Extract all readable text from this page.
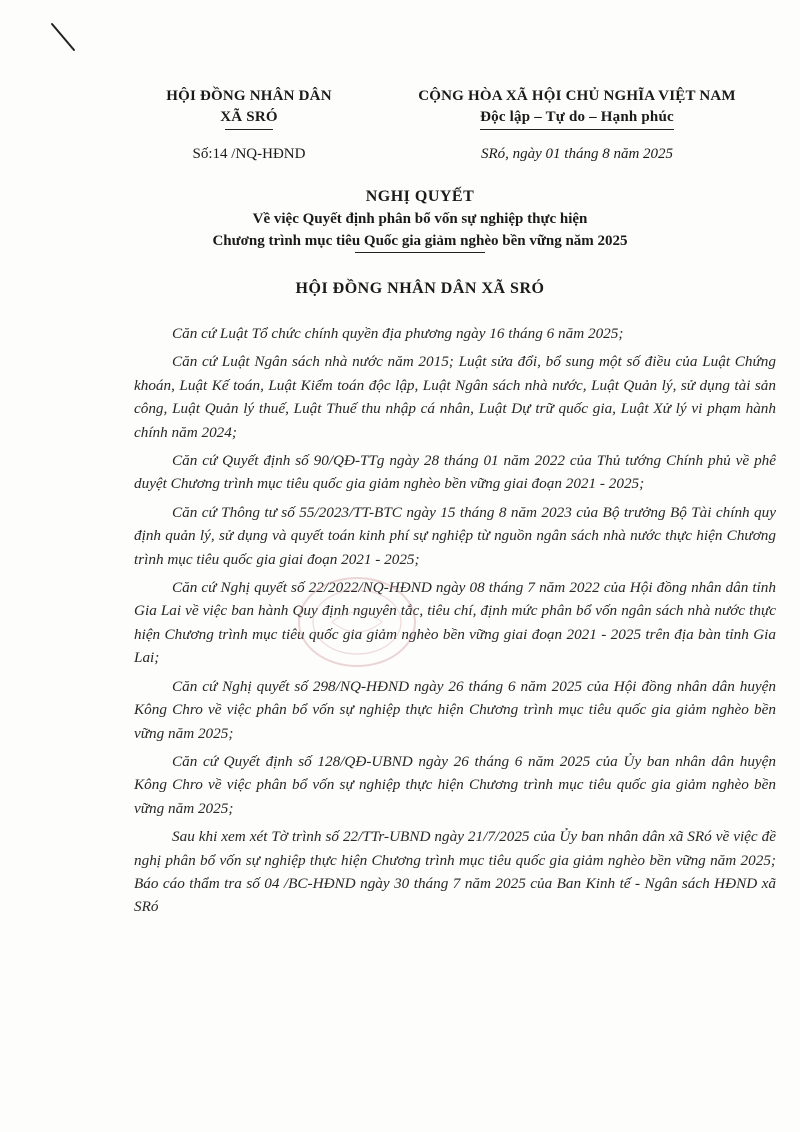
HỘI ĐỒNG NHÂN DÂN
XÃ SRÓ
CỘNG HÒA XÃ HỘI CHỦ NGHĨA VIỆT NAM
Độc lập – Tự do – Hạnh phúc
Số:14 /NQ-HĐND	SRó, ngày 01 tháng 8 năm 2025
NGHỊ QUYẾT
Về việc Quyết định phân bổ vốn sự nghiệp thực hiện
Chương trình mục tiêu Quốc gia giảm nghèo bền vững năm 2025
HỘI ĐỒNG NHÂN DÂN XÃ SRÓ

Căn cứ Luật Tổ chức chính quyền địa phương ngày 16 tháng 6 năm 2025;

Căn cứ Luật Ngân sách nhà nước năm 2015; Luật sửa đổi, bổ sung một số điều của Luật Chứng khoán, Luật Kế toán, Luật Kiểm toán độc lập, Luật Ngân sách nhà nước, Luật Quản lý, sử dụng tài sản công, Luật Quản lý thuế, Luật Thuế thu nhập cá nhân, Luật Dự trữ quốc gia, Luật Xử lý vi phạm hành chính năm 2024;

Căn cứ Quyết định số 90/QĐ-TTg ngày 28 tháng 01 năm 2022 của Thủ tướng Chính phủ về phê duyệt Chương trình mục tiêu quốc gia giảm nghèo bền vững giai đoạn 2021 - 2025;

Căn cứ Thông tư số 55/2023/TT-BTC ngày 15 tháng 8 năm 2023 của Bộ trưởng Bộ Tài chính quy định quản lý, sử dụng và quyết toán kinh phí sự nghiệp từ nguồn ngân sách nhà nước thực hiện Chương trình mục tiêu quốc gia giai đoạn 2021 - 2025;

Căn cứ Nghị quyết số 22/2022/NQ-HĐND ngày 08 tháng 7 năm 2022 của Hội đồng nhân dân tỉnh Gia Lai về việc ban hành Quy định nguyên tắc, tiêu chí, định mức phân bổ vốn ngân sách nhà nước thực hiện Chương trình mục tiêu quốc gia giảm nghèo bền vững giai đoạn 2021 - 2025 trên địa bàn tỉnh Gia Lai;

Căn cứ Nghị quyết số 298/NQ-HĐND ngày 26 tháng 6 năm 2025 của Hội đồng nhân dân huyện Kông Chro về việc phân bổ vốn sự nghiệp thực hiện Chương trình mục tiêu quốc gia giảm nghèo bền vững năm 2025;

Căn cứ Quyết định số 128/QĐ-UBND ngày 26 tháng 6 năm 2025 của Ủy ban nhân dân huyện Kông Chro về việc phân bổ vốn sự nghiệp thực hiện Chương trình mục tiêu quốc gia giảm nghèo bền vững năm 2025;

Sau khi xem xét Tờ trình số 22/TTr-UBND ngày 21/7/2025 của Ủy ban nhân dân xã SRó về việc đề nghị phân bổ vốn sự nghiệp thực hiện Chương trình mục tiêu quốc gia giảm nghèo bền vững năm 2025; Báo cáo thẩm tra số 04 /BC-HĐND ngày 30 tháng 7 năm 2025 của Ban Kinh tế - Ngân sách HĐND xã SRó
